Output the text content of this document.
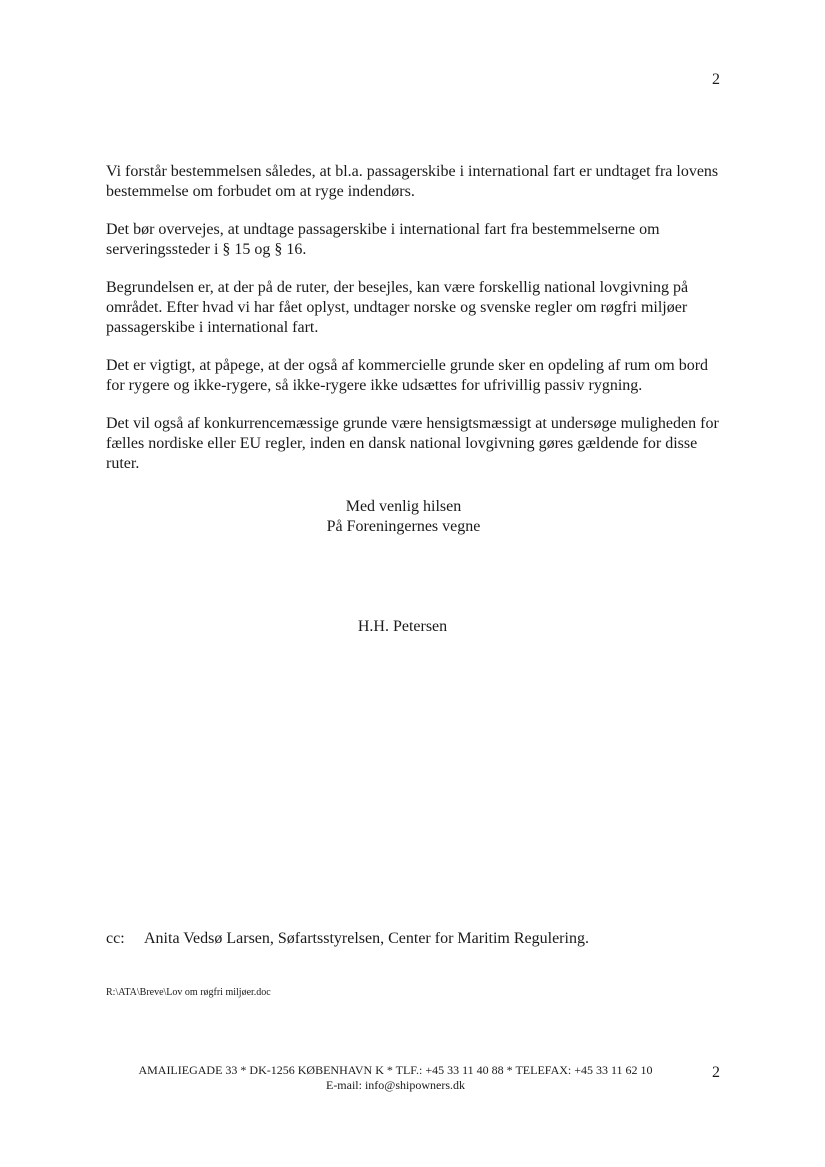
2

Vi forstår bestemmelsen således, at bl.a. passagerskibe i international fart er undtaget fra lovens bestemmelse om forbudet om at ryge indendørs.

Det bør overvejes, at undtage passagerskibe i international fart fra bestemmelserne om serveringssteder i § 15 og § 16.

Begrundelsen er, at der på de ruter, der besejles, kan være forskellig national lovgivning på området. Efter hvad vi har fået oplyst, undtager norske og svenske regler om røgfri miljøer passagerskibe i international fart.

Det er vigtigt, at påpege, at der også af kommercielle grunde sker en opdeling af rum om bord for rygere og ikke-rygere, så ikke-rygere ikke udsættes for ufrivillig passiv rygning.

Det vil også af konkurrencemæssige grunde være hensigtsmæssigt at undersøge muligheden for fælles nordiske eller EU regler, inden en dansk national lovgivning gøres gældende for disse ruter.

Med venlig hilsen
På Foreningernes vegne
H.H. Petersen
cc: Anita Vedsø Larsen, Søfartsstyrelsen, Center for Maritim Regulering.
R:\ATA\Breve\Lov om røgfri miljøer.doc
AMAILIEGADE 33 * DK-1256 KØBENHAVN K * TLF.: +45 33 11 40 88 * TELEFAX: +45 33 11 62 10
E-mail: info@shipowners.dk
2
